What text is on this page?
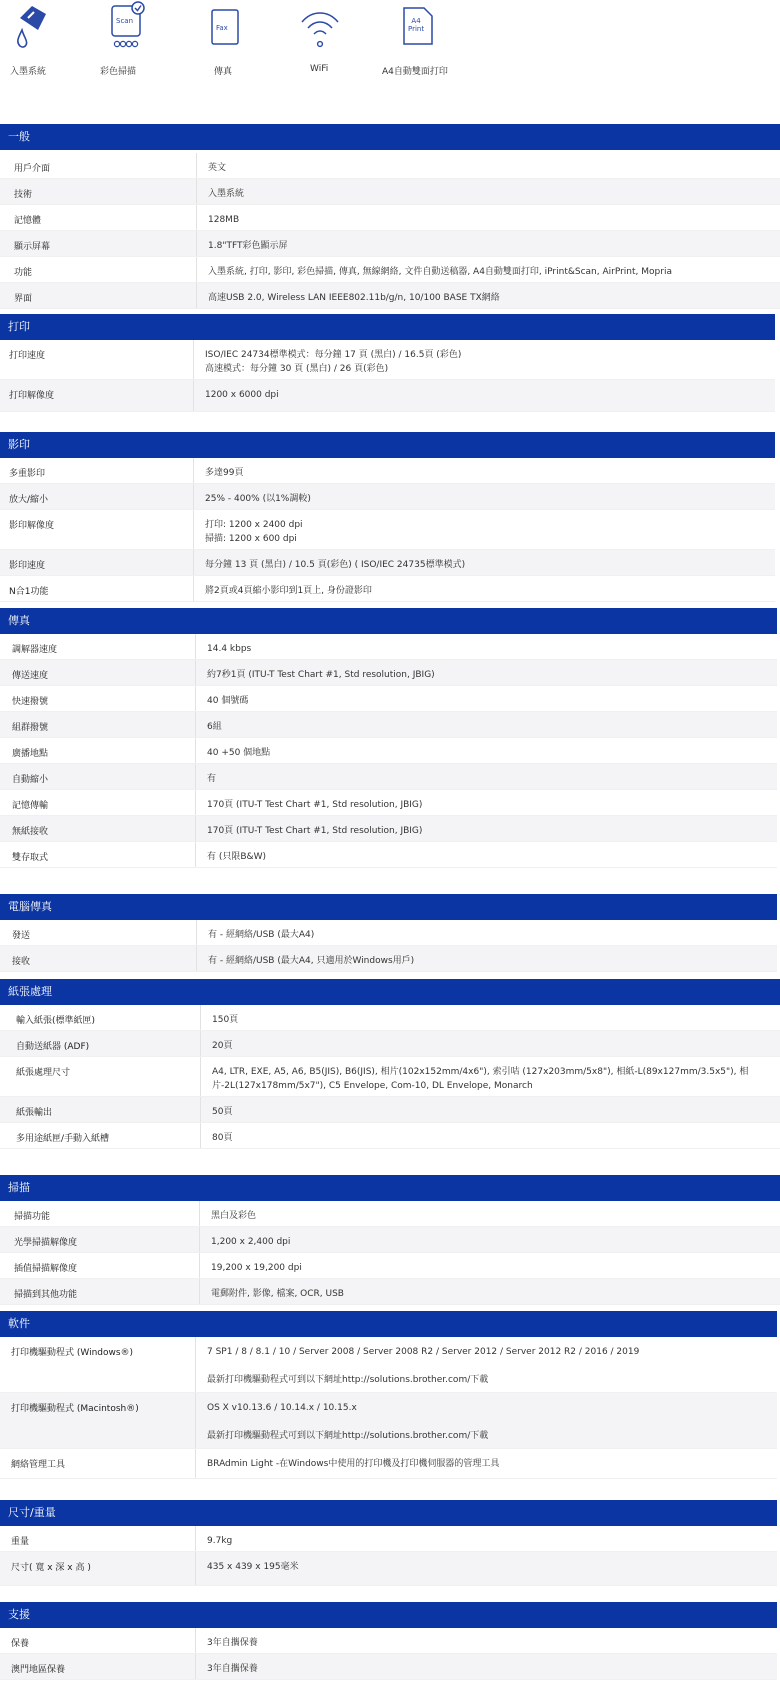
入墨系統
Scan
彩色掃描
Fax
傳真	WiFi
A4
Print
A4自動雙面打印
一般
用戶介面	英文
技術	入墨系統
記憶體	128MB
顯示屏幕	1.8"TFT彩色顯示屏
功能	入墨系統, 打印, 影印, 彩色掃描, 傳真, 無線網絡, 文件自動送稿器, A4自動雙面打印, iPrint&Scan, AirPrint, Mopria
界面	高速USB 2.0, Wireless LAN IEEE802.11b/g/n, 10/100 BASE TX網絡
打印
打印速度	ISO/IEC 24734標準模式：每分鐘 17 頁 (黑白) / 16.5頁 (彩色)
高速模式：每分鐘 30 頁 (黑白) / 26 頁(彩色)
打印解像度	1200 x 6000 dpi
影印
多重影印	多達99頁
放大/縮小	25% - 400% (以1%調較)
影印解像度	打印: 1200 x 2400 dpi
掃描: 1200 x 600 dpi
影印速度	每分鐘 13 頁 (黑白) / 10.5 頁(彩色) ( ISO/IEC 24735標準模式)
N合1功能	將2頁或4頁縮小影印到1頁上, 身份證影印
傳真
調解器速度	14.4 kbps
傳送速度	約7秒1頁 (ITU-T Test Chart #1, Std resolution, JBIG)
快速撥號	40 個號碼
組群撥號	6組
廣播地點	40 +50 個地點
自動縮小	有
記憶傳輸	170頁 (ITU-T Test Chart #1, Std resolution, JBIG)
無紙接收	170頁 (ITU-T Test Chart #1, Std resolution, JBIG)
雙存取式	有 (只限B&W)
電腦傳真
發送	有 - 經網絡/USB (最大A4)
接收	有 - 經網絡/USB (最大A4, 只適用於Windows用戶)
紙張處理
輸入紙張(標準紙匣)	150頁
自動送紙器 (ADF)	20頁
紙張處理尺寸	A4, LTR, EXE, A5, A6, B5(JIS), B6(JIS), 相片(102x152mm/4x6"), 索引咭 (127x203mm/5x8"), 相紙-L(89x127mm/3.5x5"), 相
片-2L(127x178mm/5x7"), C5 Envelope, Com-10, DL Envelope, Monarch
紙張輸出	50頁
多用途紙匣/手動入紙槽	80頁
掃描
掃描功能	黑白及彩色
光學掃描解像度	1,200 x 2,400 dpi
插值掃描解像度	19,200 x 19,200 dpi
掃描到其他功能	電郵附件, 影像, 檔案, OCR, USB
軟件
打印機驅動程式 (Windows®)	7 SP1 / 8 / 8.1 / 10 / Server 2008 / Server 2008 R2 / Server 2012 / Server 2012 R2 / 2016 / 2019

最新打印機驅動程式可到以下網址http://solutions.brother.com/下載
打印機驅動程式 (Macintosh®)	OS X v10.13.6 / 10.14.x / 10.15.x

最新打印機驅動程式可到以下網址http://solutions.brother.com/下載
網絡管理工具	BRAdmin Light -在Windows中使用的打印機及打印機伺服器的管理工具
尺寸/重量
重量	9.7kg
尺寸( 寬 x 深 x 高 )	435 x 439 x 195毫米
支援
保養	3年自攜保養
澳門地區保養	3年自攜保養
